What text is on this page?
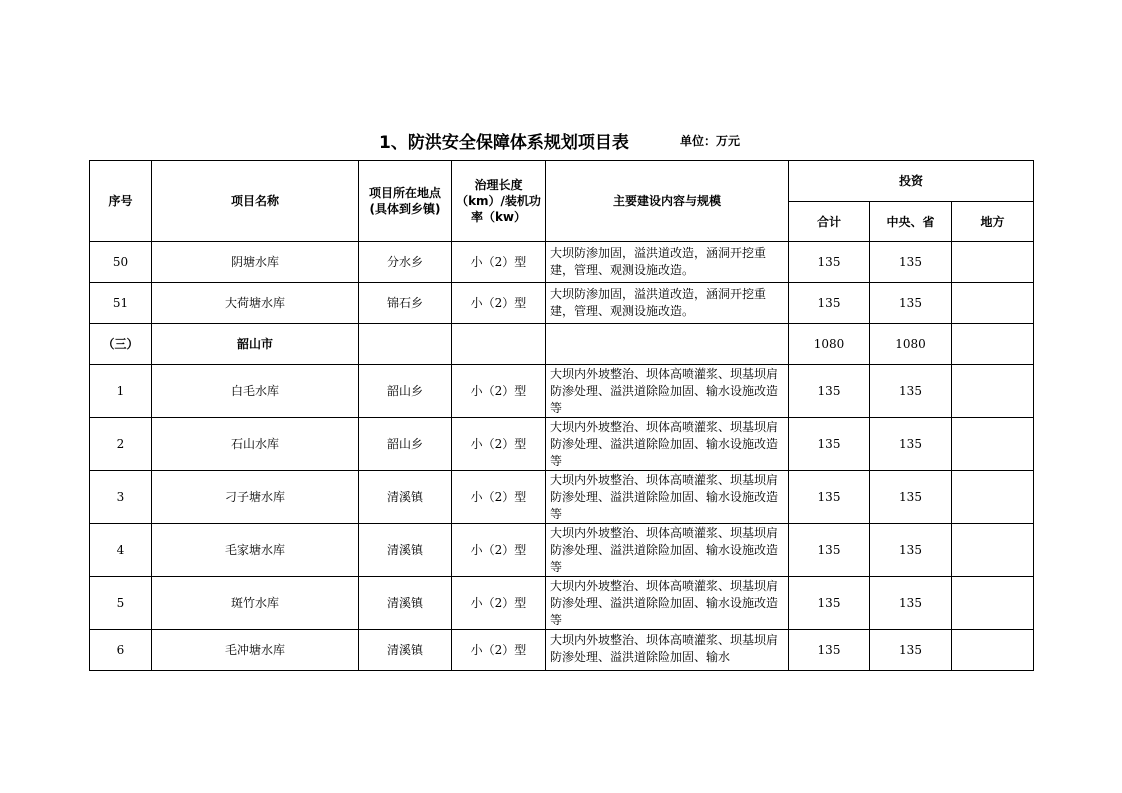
1、防洪安全保障体系规划项目表	单位：万元
序号	项目名称	项目所在地点(具体到乡镇)	治理长度（km）/装机功率（kw）	主要建设内容与规模	投资		
					合计	中央、省	地方
50	阴塘水库	分水乡	小（2）型	大坝防渗加固，溢洪道改造，涵洞开挖重建，管理、观测设施改造。	135	135	
51	大荷塘水库	锦石乡	小（2）型	大坝防渗加固，溢洪道改造，涵洞开挖重建，管理、观测设施改造。	135	135	
（三）	韶山市				1080	1080	
1	白毛水库	韶山乡	小（2）型	大坝内外坡整治、坝体高喷灌浆、坝基坝肩防渗处理、溢洪道除险加固、输水设施改造等	135	135	
2	石山水库	韶山乡	小（2）型	大坝内外坡整治、坝体高喷灌浆、坝基坝肩防渗处理、溢洪道除险加固、输水设施改造等	135	135	
3	刁子塘水库	清溪镇	小（2）型	大坝内外坡整治、坝体高喷灌浆、坝基坝肩防渗处理、溢洪道除险加固、输水设施改造等	135	135	
4	毛家塘水库	清溪镇	小（2）型	大坝内外坡整治、坝体高喷灌浆、坝基坝肩防渗处理、溢洪道除险加固、输水设施改造等	135	135	
5	斑竹水库	清溪镇	小（2）型	大坝内外坡整治、坝体高喷灌浆、坝基坝肩防渗处理、溢洪道除险加固、输水设施改造等	135	135	
6	毛冲塘水库	清溪镇	小（2）型	大坝内外坡整治、坝体高喷灌浆、坝基坝肩防渗处理、溢洪道除险加固、输水	135	135	
